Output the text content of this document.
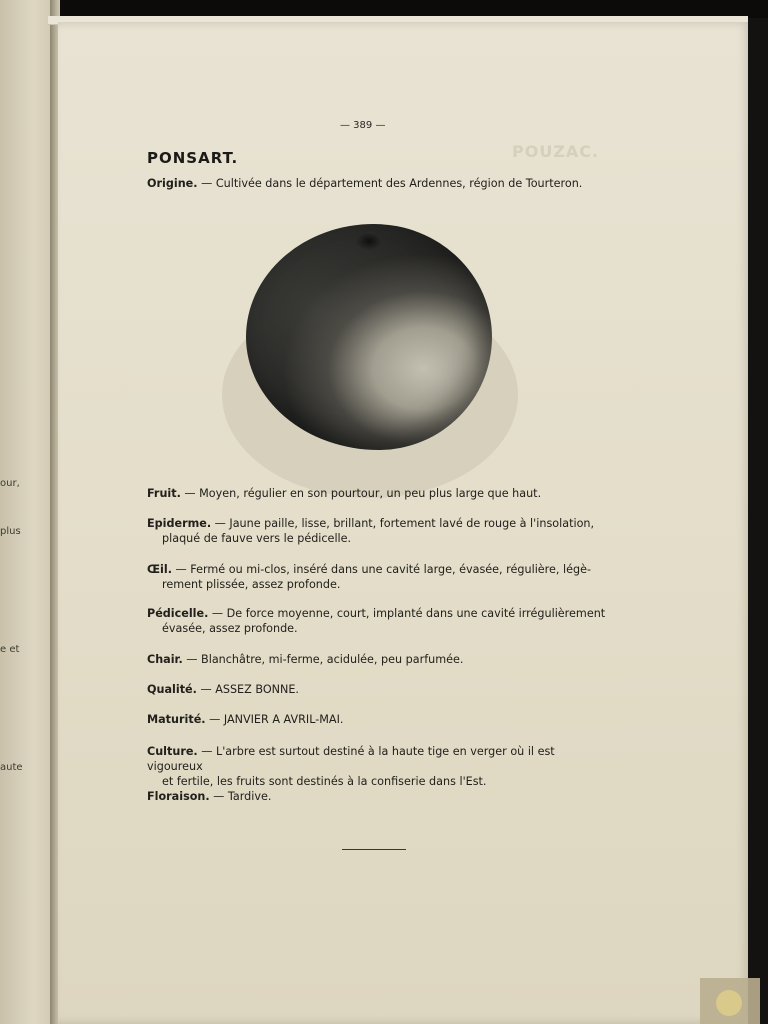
our,
plus
e et
aute
POUZAC.
— 389 —
PONSART.

Origine. — Cultivée dans le département des Ardennes, région de Tourteron.

Fruit. — Moyen, régulier en son pourtour, un peu plus large que haut.

Epiderme. — Jaune paille, lisse, brillant, fortement lavé de rouge à l'insolation,
plaqué de fauve vers le pédicelle.

Œil. — Fermé ou mi-clos, inséré dans une cavité large, évasée, régulière, légè-
rement plissée, assez profonde.

Pédicelle. — De force moyenne, court, implanté dans une cavité irrégulièrement
évasée, assez profonde.

Chair. — Blanchâtre, mi-ferme, acidulée, peu parfumée.

Qualité. — ASSEZ BONNE.

Maturité. — JANVIER A AVRIL-MAI.

Culture. — L'arbre est surtout destiné à la haute tige en verger où il est vigoureux
et fertile, les fruits sont destinés à la confiserie dans l'Est.

Floraison. — Tardive.
